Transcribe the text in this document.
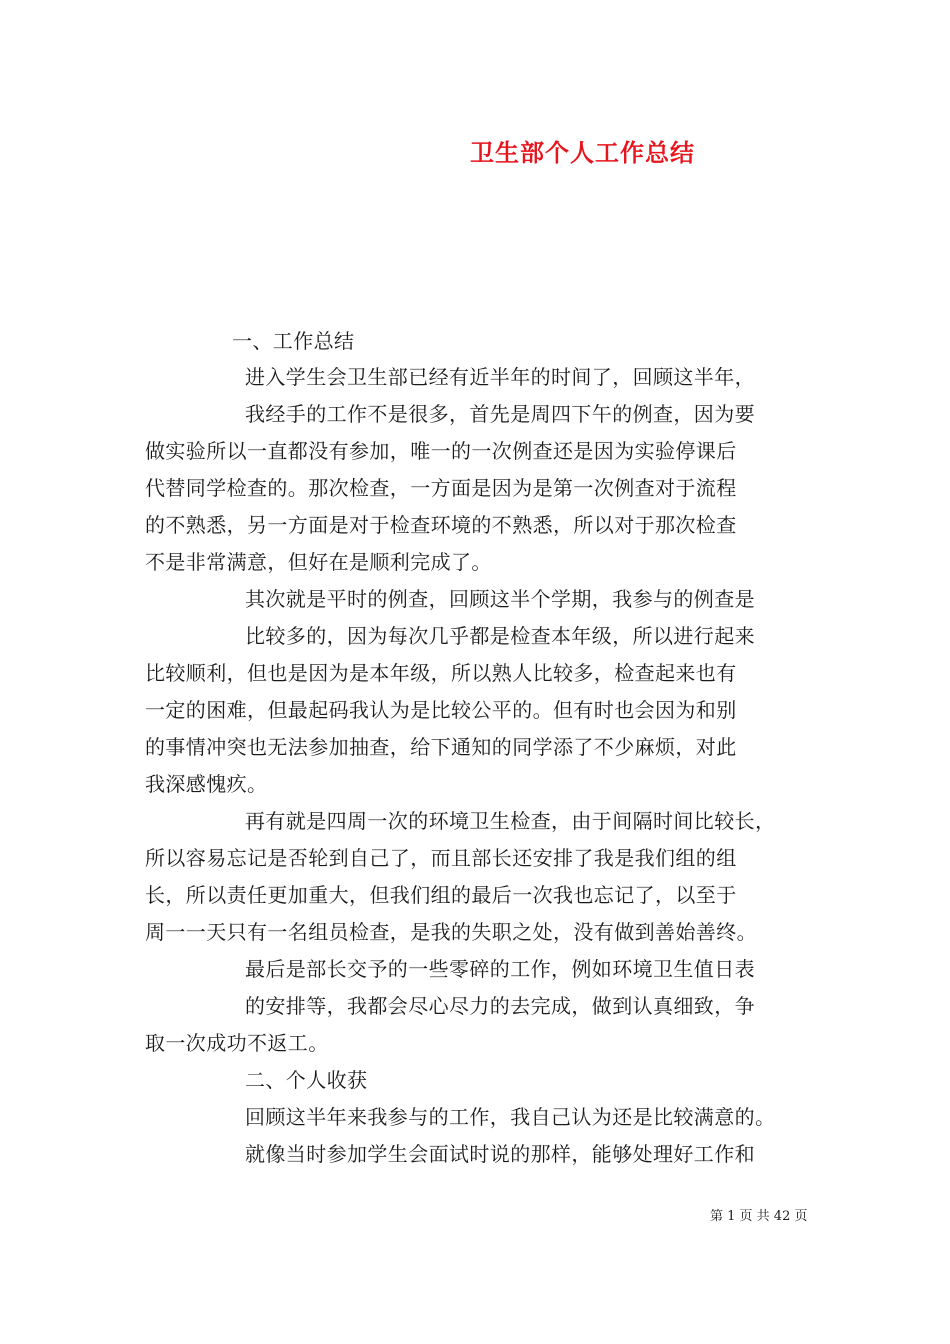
卫生部个人工作总结
一、工作总结
进入学生会卫生部已经有近半年的时间了，回顾这半年，
我经手的工作不是很多，首先是周四下午的例查，因为要
做实验所以一直都没有参加，唯一的一次例查还是因为实验停课后
代替同学检查的。那次检查，一方面是因为是第一次例查对于流程
的不熟悉，另一方面是对于检查环境的不熟悉，所以对于那次检查
不是非常满意，但好在是顺利完成了。
其次就是平时的例查，回顾这半个学期，我参与的例查是
比较多的，因为每次几乎都是检查本年级，所以进行起来
比较顺利，但也是因为是本年级，所以熟人比较多，检查起来也有
一定的困难，但最起码我认为是比较公平的。但有时也会因为和别
的事情冲突也无法参加抽查，给下通知的同学添了不少麻烦，对此
我深感愧疚。
再有就是四周一次的环境卫生检查，由于间隔时间比较长，
所以容易忘记是否轮到自己了，而且部长还安排了我是我们组的组
长，所以责任更加重大，但我们组的最后一次我也忘记了，以至于
周一一天只有一名组员检查，是我的失职之处，没有做到善始善终。
最后是部长交予的一些零碎的工作，例如环境卫生值日表
的安排等，我都会尽心尽力的去完成，做到认真细致，争
取一次成功不返工。
二、个人收获
回顾这半年来我参与的工作，我自己认为还是比较满意的。
就像当时参加学生会面试时说的那样，能够处理好工作和
第 1 页 共 42 页
